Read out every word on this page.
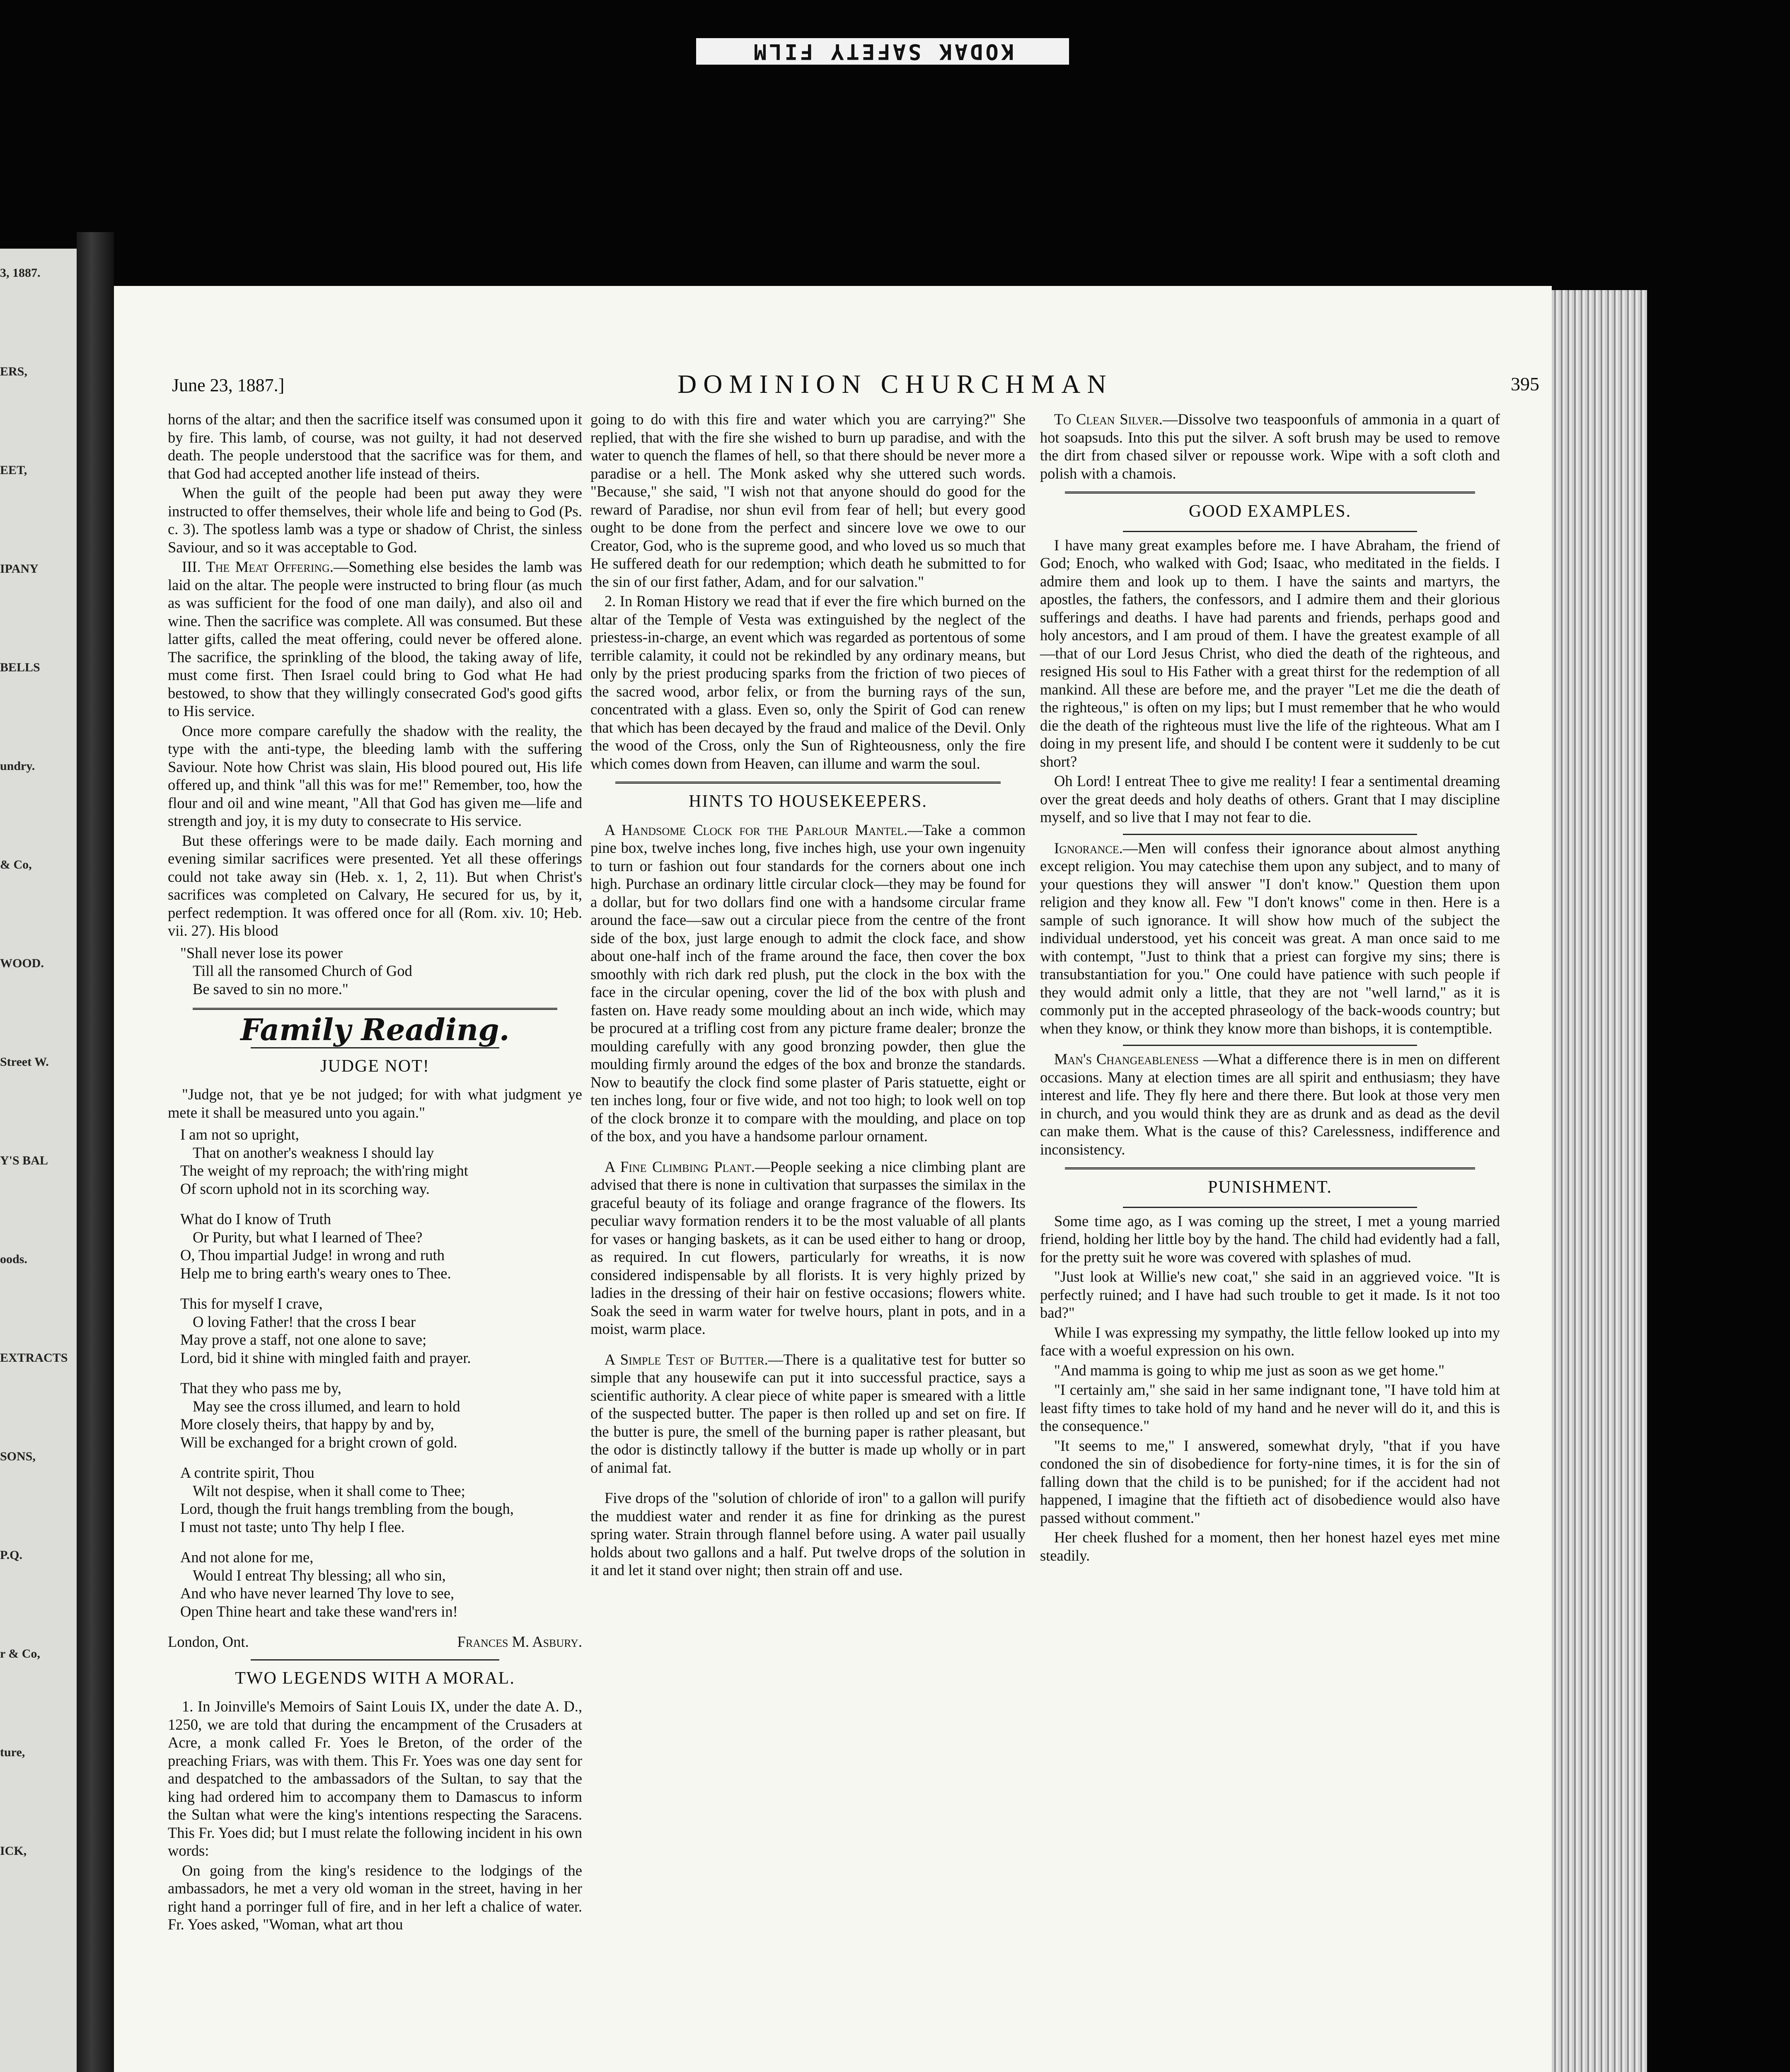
KODAK SAFETY FILM
3, 1887.
ERS,
EET,
IPANY
BELLS
undry.
& Co,
WOOD.
Street W.
Y'S BAL
oods.
EXTRACTS
SONS,
P.Q.
r & Co,
ture,
ICK,
June 23, 1887.]	DOMINION CHURCHMAN	395

horns of the altar; and then the sacrifice itself was consumed upon it by fire. This lamb, of course, was not guilty, it had not deserved death. The people understood that the sacrifice was for them, and that God had accepted another life instead of theirs.

When the guilt of the people had been put away they were instructed to offer themselves, their whole life and being to God (Ps. c. 3). The spotless lamb was a type or shadow of Christ, the sinless Saviour, and so it was acceptable to God.

III. The Meat Offering.—Something else besides the lamb was laid on the altar. The people were instructed to bring flour (as much as was sufficient for the food of one man daily), and also oil and wine. Then the sacrifice was complete. All was consumed. But these latter gifts, called the meat offering, could never be offered alone. The sacrifice, the sprinkling of the blood, the taking away of life, must come first. Then Israel could bring to God what He had bestowed, to show that they willingly consecrated God's good gifts to His service.

Once more compare carefully the shadow with the reality, the type with the anti-type, the bleeding lamb with the suffering Saviour. Note how Christ was slain, His blood poured out, His life offered up, and think "all this was for me!" Remember, too, how the flour and oil and wine meant, "All that God has given me—life and strength and joy, it is my duty to consecrate to His service.

But these offerings were to be made daily. Each morning and evening similar sacrifices were presented. Yet all these offerings could not take away sin (Heb. x. 1, 2, 11). But when Christ's sacrifices was completed on Calvary, He secured for us, by it, perfect redemption. It was offered once for all (Rom. xiv. 10; Heb. vii. 27). His blood

"Shall never lose its power
Till all the ransomed Church of God
Be saved to sin no more."
Family Reading.
JUDGE NOT!

"Judge not, that ye be not judged; for with what judgment ye mete it shall be measured unto you again."

I am not so upright,
That on another's weakness I should lay
The weight of my reproach; the with'ring might
Of scorn uphold not in its scorching way.
What do I know of Truth
Or Purity, but what I learned of Thee?
O, Thou impartial Judge! in wrong and ruth
Help me to bring earth's weary ones to Thee.
This for myself I crave,
O loving Father! that the cross I bear
May prove a staff, not one alone to save;
Lord, bid it shine with mingled faith and prayer.
That they who pass me by,
May see the cross illumed, and learn to hold
More closely theirs, that happy by and by,
Will be exchanged for a bright crown of gold.
A contrite spirit, Thou
Wilt not despise, when it shall come to Thee;
Lord, though the fruit hangs trembling from the bough,
I must not taste; unto Thy help I flee.
And not alone for me,
Would I entreat Thy blessing; all who sin,
And who have never learned Thy love to see,
Open Thine heart and take these wand'rers in!
London, Ont.	Frances M. Asbury.
TWO LEGENDS WITH A MORAL.

1. In Joinville's Memoirs of Saint Louis IX, under the date A. D., 1250, we are told that during the encampment of the Crusaders at Acre, a monk called Fr. Yoes le Breton, of the order of the preaching Friars, was with them. This Fr. Yoes was one day sent for and despatched to the ambassadors of the Sultan, to say that the king had ordered him to accompany them to Damascus to inform the Sultan what were the king's intentions respecting the Saracens. This Fr. Yoes did; but I must relate the following incident in his own words:

On going from the king's residence to the lodgings of the ambassadors, he met a very old woman in the street, having in her right hand a porringer full of fire, and in her left a chalice of water. Fr. Yoes asked, "Woman, what art thou

going to do with this fire and water which you are carrying?" She replied, that with the fire she wished to burn up paradise, and with the water to quench the flames of hell, so that there should be never more a paradise or a hell. The Monk asked why she uttered such words. "Because," she said, "I wish not that anyone should do good for the reward of Paradise, nor shun evil from fear of hell; but every good ought to be done from the perfect and sincere love we owe to our Creator, God, who is the supreme good, and who loved us so much that He suffered death for our redemption; which death he submitted to for the sin of our first father, Adam, and for our salvation."

2. In Roman History we read that if ever the fire which burned on the altar of the Temple of Vesta was extinguished by the neglect of the priestess-in-charge, an event which was regarded as portentous of some terrible calamity, it could not be rekindled by any ordinary means, but only by the priest producing sparks from the friction of two pieces of the sacred wood, arbor felix, or from the burning rays of the sun, concentrated with a glass. Even so, only the Spirit of God can renew that which has been decayed by the fraud and malice of the Devil. Only the wood of the Cross, only the Sun of Righteousness, only the fire which comes down from Heaven, can illume and warm the soul.

HINTS TO HOUSEKEEPERS.

A Handsome Clock for the Parlour Mantel.—Take a common pine box, twelve inches long, five inches high, use your own ingenuity to turn or fashion out four standards for the corners about one inch high. Purchase an ordinary little circular clock—they may be found for a dollar, but for two dollars find one with a handsome circular frame around the face—saw out a circular piece from the centre of the front side of the box, just large enough to admit the clock face, and show about one-half inch of the frame around the face, then cover the box smoothly with rich dark red plush, put the clock in the box with the face in the circular opening, cover the lid of the box with plush and fasten on. Have ready some moulding about an inch wide, which may be procured at a trifling cost from any picture frame dealer; bronze the moulding carefully with any good bronzing powder, then glue the moulding firmly around the edges of the box and bronze the standards. Now to beautify the clock find some plaster of Paris statuette, eight or ten inches long, four or five wide, and not too high; to look well on top of the clock bronze it to compare with the moulding, and place on top of the box, and you have a handsome parlour ornament.

A Fine Climbing Plant.—People seeking a nice climbing plant are advised that there is none in cultivation that surpasses the similax in the graceful beauty of its foliage and orange fragrance of the flowers. Its peculiar wavy formation renders it to be the most valuable of all plants for vases or hanging baskets, as it can be used either to hang or droop, as required. In cut flowers, particularly for wreaths, it is now considered indispensable by all florists. It is very highly prized by ladies in the dressing of their hair on festive occasions; flowers white. Soak the seed in warm water for twelve hours, plant in pots, and in a moist, warm place.

A Simple Test of Butter.—There is a qualitative test for butter so simple that any housewife can put it into successful practice, says a scientific authority. A clear piece of white paper is smeared with a little of the suspected butter. The paper is then rolled up and set on fire. If the butter is pure, the smell of the burning paper is rather pleasant, but the odor is distinctly tallowy if the butter is made up wholly or in part of animal fat.

Five drops of the "solution of chloride of iron" to a gallon will purify the muddiest water and render it as fine for drinking as the purest spring water. Strain through flannel before using. A water pail usually holds about two gallons and a half. Put twelve drops of the solution in it and let it stand over night; then strain off and use.

To Clean Silver.—Dissolve two teaspoonfuls of ammonia in a quart of hot soapsuds. Into this put the silver. A soft brush may be used to remove the dirt from chased silver or repousse work. Wipe with a soft cloth and polish with a chamois.

GOOD EXAMPLES.

I have many great examples before me. I have Abraham, the friend of God; Enoch, who walked with God; Isaac, who meditated in the fields. I admire them and look up to them. I have the saints and martyrs, the apostles, the fathers, the confessors, and I admire them and their glorious sufferings and deaths. I have had parents and friends, perhaps good and holy ancestors, and I am proud of them. I have the greatest example of all—that of our Lord Jesus Christ, who died the death of the righteous, and resigned His soul to His Father with a great thirst for the redemption of all mankind. All these are before me, and the prayer "Let me die the death of the righteous," is often on my lips; but I must remember that he who would die the death of the righteous must live the life of the righteous. What am I doing in my present life, and should I be content were it suddenly to be cut short?

Oh Lord! I entreat Thee to give me reality! I fear a sentimental dreaming over the great deeds and holy deaths of others. Grant that I may discipline myself, and so live that I may not fear to die.

Ignorance.—Men will confess their ignorance about almost anything except religion. You may catechise them upon any subject, and to many of your questions they will answer "I don't know." Question them upon religion and they know all. Few "I don't knows" come in then. Here is a sample of such ignorance. It will show how much of the subject the individual understood, yet his conceit was great. A man once said to me with contempt, "Just to think that a priest can forgive my sins; there is transubstantiation for you." One could have patience with such people if they would admit only a little, that they are not "well larnd," as it is commonly put in the accepted phraseology of the back-woods country; but when they know, or think they know more than bishops, it is contemptible.

Man's Changeableness —What a difference there is in men on different occasions. Many at election times are all spirit and enthusiasm; they have interest and life. They fly here and there there. But look at those very men in church, and you would think they are as drunk and as dead as the devil can make them. What is the cause of this? Carelessness, indifference and inconsistency.

PUNISHMENT.

Some time ago, as I was coming up the street, I met a young married friend, holding her little boy by the hand. The child had evidently had a fall, for the pretty suit he wore was covered with splashes of mud.

"Just look at Willie's new coat," she said in an aggrieved voice. "It is perfectly ruined; and I have had such trouble to get it made. Is it not too bad?"

While I was expressing my sympathy, the little fellow looked up into my face with a woeful expression on his own.

"And mamma is going to whip me just as soon as we get home."

"I certainly am," she said in her same indignant tone, "I have told him at least fifty times to take hold of my hand and he never will do it, and this is the consequence."

"It seems to me," I answered, somewhat dryly, "that if you have condoned the sin of disobedience for forty-nine times, it is for the sin of falling down that the child is to be punished; for if the accident had not happened, I imagine that the fiftieth act of disobedience would also have passed without comment."

Her cheek flushed for a moment, then her honest hazel eyes met mine steadily.
